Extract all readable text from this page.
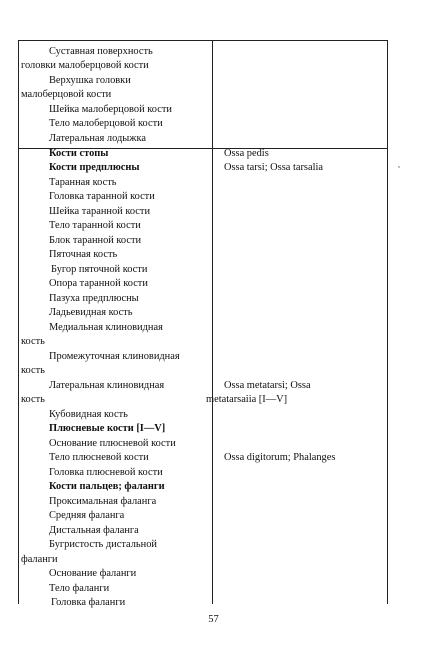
Суставная поверхность
головки малоберцовой кости
Верхушка головки
малоберцовой кости
Шейка малоберцовой кости
Тело малоберцовой кости
Латеральная лодыжка
Кости стопы
Кости предплюсны
Таранная кость
Головка таранной кости
Шейка таранной кости
Тело таранной кости
Блок таранной кости
Пяточная кость
Бугор пяточной кости
Опора таранной кости
Пазуха предплюсны
Ладьевидная кость
Медиальная клиновидная
кость
Промежуточная клиновидная
кость
Латеральная клиновидная
кость
Кубовидная кость
Плюсневые кости [I—V]
Основание плюсневой кости
Тело плюсневой кости
Головка плюсневой кости
Кости пальцев; фаланги
Проксимальная фаланга
Средняя фаланга
Дистальная фаланга
Бугристость дистальной
фаланги
Основание фаланги
Тело фаланги
Головка фаланги
Ossa pedis
Ossa tarsi; Ossa tarsalia
Ossa metatarsi; Ossa
metatarsaiia [I—V]
Ossa digitorum; Phalanges
57
